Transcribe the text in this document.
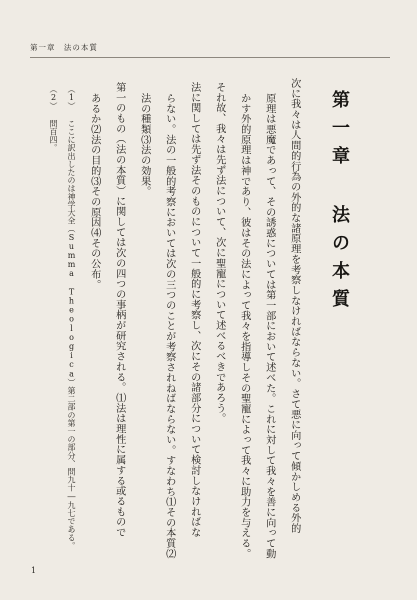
第一章 法の本質
第一章 法の本質
次に我々は人間的行為の外的な諸原理を考察しなければならない。さて悪に向って傾かしめる外的
原理は悪魔であって、その誘惑については第一部において述べた。これに対して我々を善に向って動
かす外的原理は神であり、彼はその法によって我々を指導しその聖寵によって我々に助力を与える。
それ故、我々は先ず法について、次に聖寵について述べるべきであろう。
法に関しては先ず法そのものについて一般的に考察し、次にその諸部分について検討しなければな
らない。法の一般的考察においては次の三つのことが考察されねばならない。すなわち⑴その本質⑵
法の種類⑶法の効果。
第一のもの（法の本質）に関しては次の四つの事柄が研究される。⑴法は理性に属する或るもので
あるか⑵法の目的⑶その原因⑷その公布。
（1） ここに訳出したのは神学大全（Summa Theologica）第二部の第一の部分、問九十―九七である。
（2） 問百四。
1
